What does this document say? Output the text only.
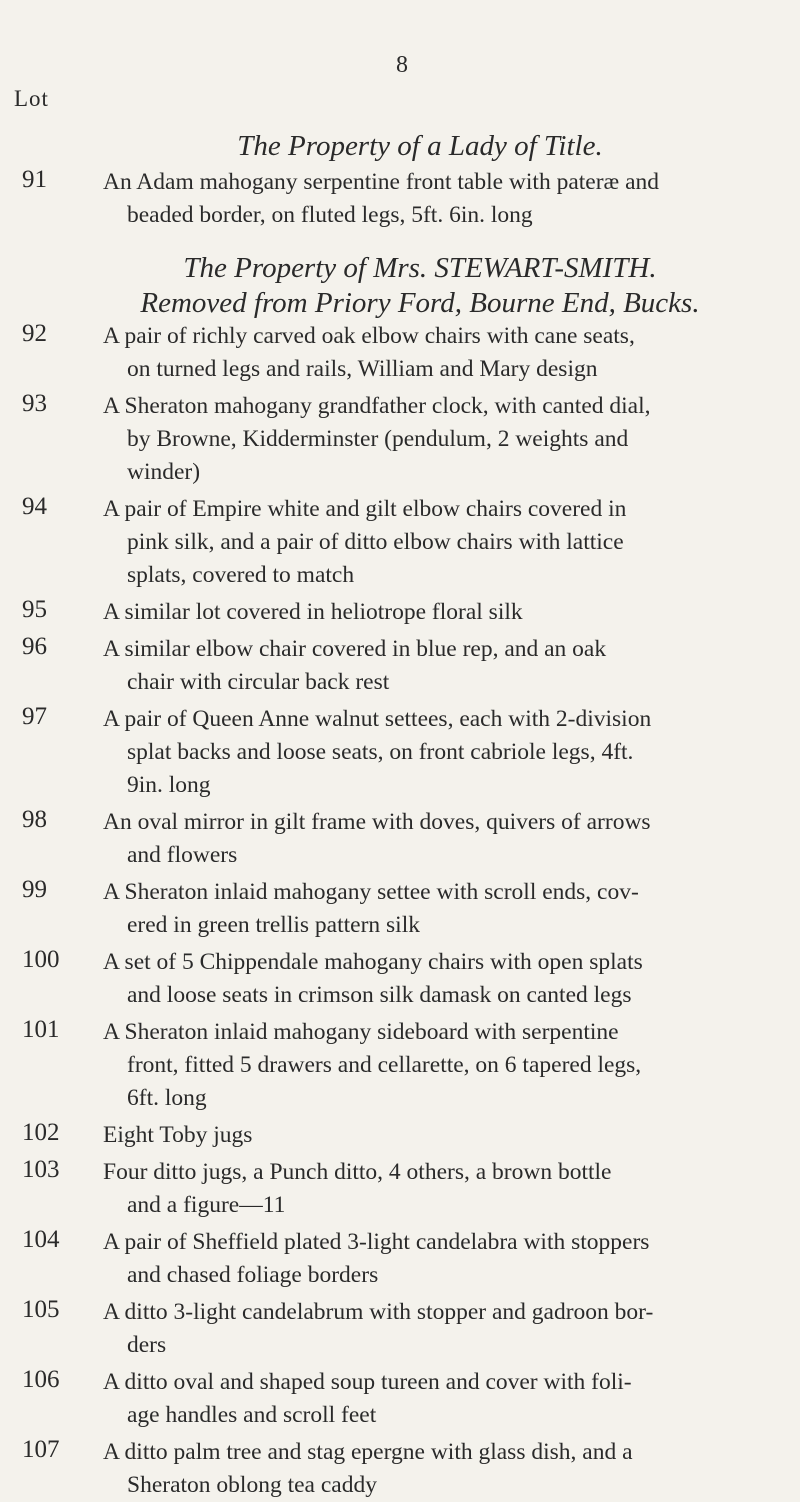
8
Lot
The Property of a Lady of Title.
The Property of Mrs. STEWART-SMITH.
Removed from Priory Ford, Bourne End, Bucks.
91	An Adam mahogany serpentine front table with pateræ and
beaded border, on fluted legs, 5ft. 6in. long
92	A pair of richly carved oak elbow chairs with cane seats,
on turned legs and rails, William and Mary design
93	A Sheraton mahogany grandfather clock, with canted dial,
by Browne, Kidderminster (pendulum, 2 weights and
winder)
94	A pair of Empire white and gilt elbow chairs covered in
pink silk, and a pair of ditto elbow chairs with lattice
splats, covered to match
95	A similar lot covered in heliotrope floral silk
96	A similar elbow chair covered in blue rep, and an oak
chair with circular back rest
97	A pair of Queen Anne walnut settees, each with 2-division
splat backs and loose seats, on front cabriole legs, 4ft.
9in. long
98	An oval mirror in gilt frame with doves, quivers of arrows
and flowers
99	A Sheraton inlaid mahogany settee with scroll ends, cov-
ered in green trellis pattern silk
100	A set of 5 Chippendale mahogany chairs with open splats
and loose seats in crimson silk damask on canted legs
101	A Sheraton inlaid mahogany sideboard with serpentine
front, fitted 5 drawers and cellarette, on 6 tapered legs,
6ft. long
102	Eight Toby jugs
103	Four ditto jugs, a Punch ditto, 4 others, a brown bottle
and a figure—11
104	A pair of Sheffield plated 3-light candelabra with stoppers
and chased foliage borders
105	A ditto 3-light candelabrum with stopper and gadroon bor-
ders
106	A ditto oval and shaped soup tureen and cover with foli-
age handles and scroll feet
107	A ditto palm tree and stag epergne with glass dish, and a
Sheraton oblong tea caddy
